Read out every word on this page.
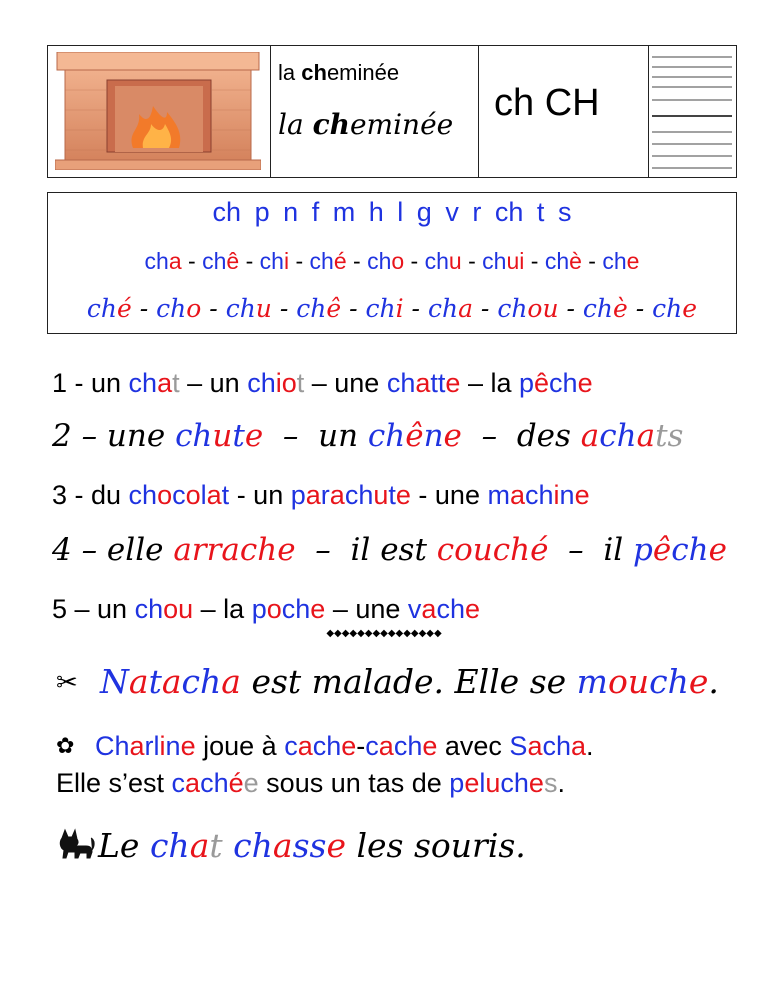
la cheminée
la cheminée
ch CH
ch p n f m h l g v r ch t s
cha - chê - chi - ché - cho - chu - chui - chè - che
ché - cho - chu - chê - chi - cha - chou - chè - che
1 - un chat – un chiot – une chatte – la pêche
2 – une chute  –  un chêne  –  des achats
3 - du chocolat - un parachute - une machine
4 – elle arrache  –  il est couché  –  il pêche
5 – un chou – la poche – une vache
◆◆◆◆◆◆◆◆◆◆◆◆◆◆◆
✂ Natacha est malade. Elle se mouche.
✿ Charline joue à cache-cache avec Sacha.
Elle s’est cachée sous un tas de peluches.
Le chat chasse les souris.
